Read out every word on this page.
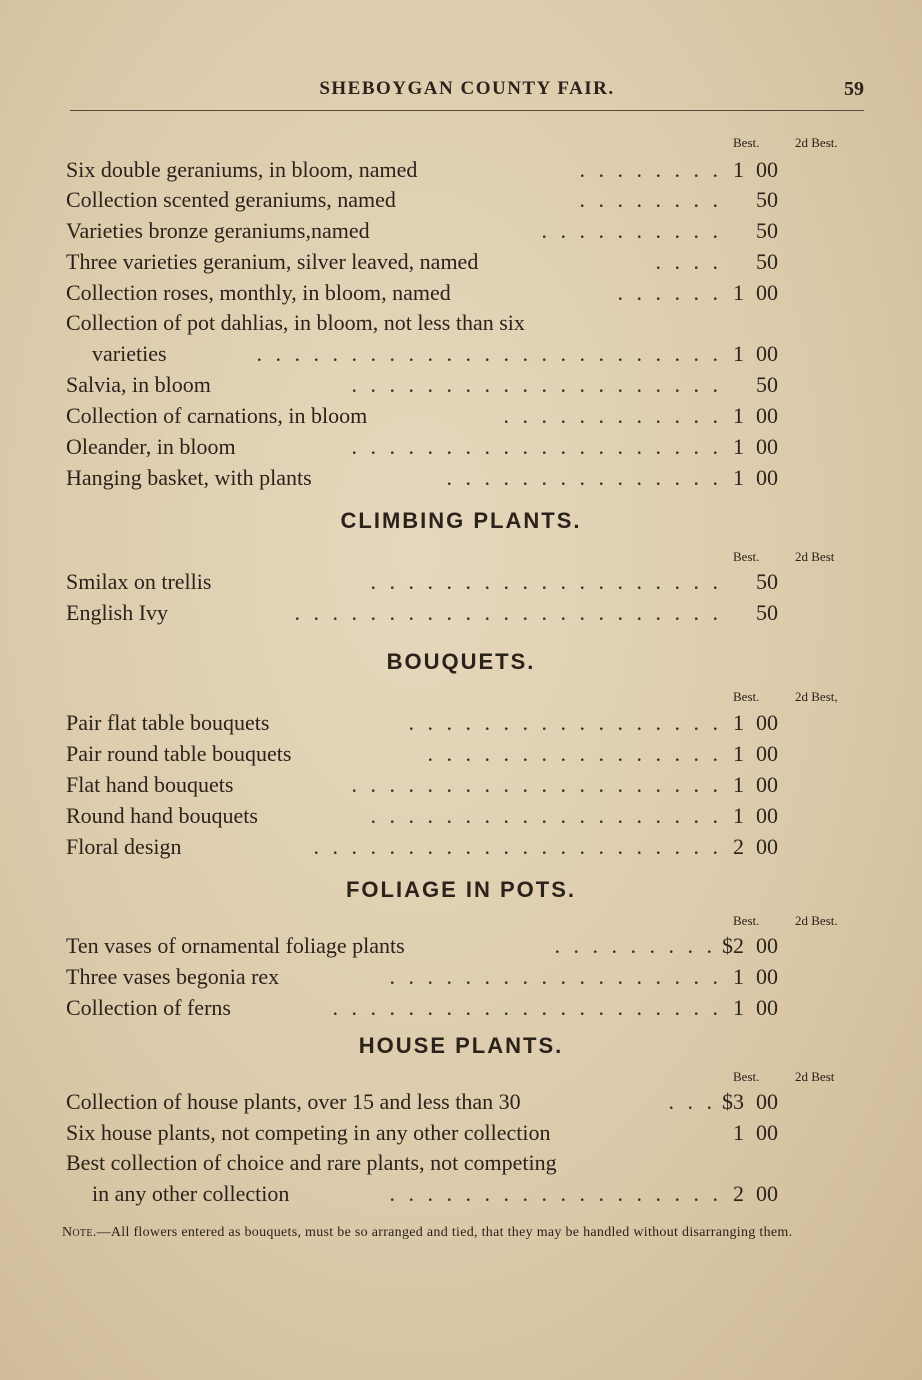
SHEBOYGAN COUNTY FAIR.	59
Best.	2d Best.
Six double geraniums, in bloom, named	. . . . . . . . 1 00
Collection scented geraniums, named	. . . . . . . . 50
Varieties bronze geraniums,named	. . . . . . . . . . 50
Three varieties geranium, silver leaved, named	. . . . 50
Collection roses, monthly, in bloom, named	. . . . . . 1 00
Collection of pot dahlias, in bloom, not less than six
varieties	. . . . . . . . . . . . . . . . . . . . . . . . . 1 00
Salvia, in bloom	. . . . . . . . . . . . . . . . . . . . 50
Collection of carnations, in bloom	. . . . . . . . . . . . 1 00
Oleander, in bloom	. . . . . . . . . . . . . . . . . . . . 1 00
Hanging basket, with plants	. . . . . . . . . . . . . . . 1 00
CLIMBING PLANTS.
Best.	2d Best
Smilax on trellis	. . . . . . . . . . . . . . . . . . . 50
English Ivy	. . . . . . . . . . . . . . . . . . . . . . . 50
BOUQUETS.
Best.	2d Best,
Pair flat table bouquets	. . . . . . . . . . . . . . . . . 1 00
Pair round table bouquets	. . . . . . . . . . . . . . . . 1 00
Flat hand bouquets	. . . . . . . . . . . . . . . . . . . . 1 00
Round hand bouquets	. . . . . . . . . . . . . . . . . . . 1 00
Floral design	. . . . . . . . . . . . . . . . . . . . . . 2 00
FOLIAGE IN POTS.
Best.	2d Best.
Ten vases of ornamental foliage plants	. . . . . . . . . $2 00
Three vases begonia rex	. . . . . . . . . . . . . . . . . . 1 00
Collection of ferns	. . . . . . . . . . . . . . . . . . . . . 1 00
HOUSE PLANTS.
Best.	2d Best
Collection of house plants, over 15 and less than 30	. . . $3 00
Six house plants, not competing in any other collection	1 00
Best collection of choice and rare plants, not competing
in any other collection	. . . . . . . . . . . . . . . . . . 2 00
Note.—All flowers entered as bouquets, must be so arranged and tied, that they may be handled without disarranging them.
